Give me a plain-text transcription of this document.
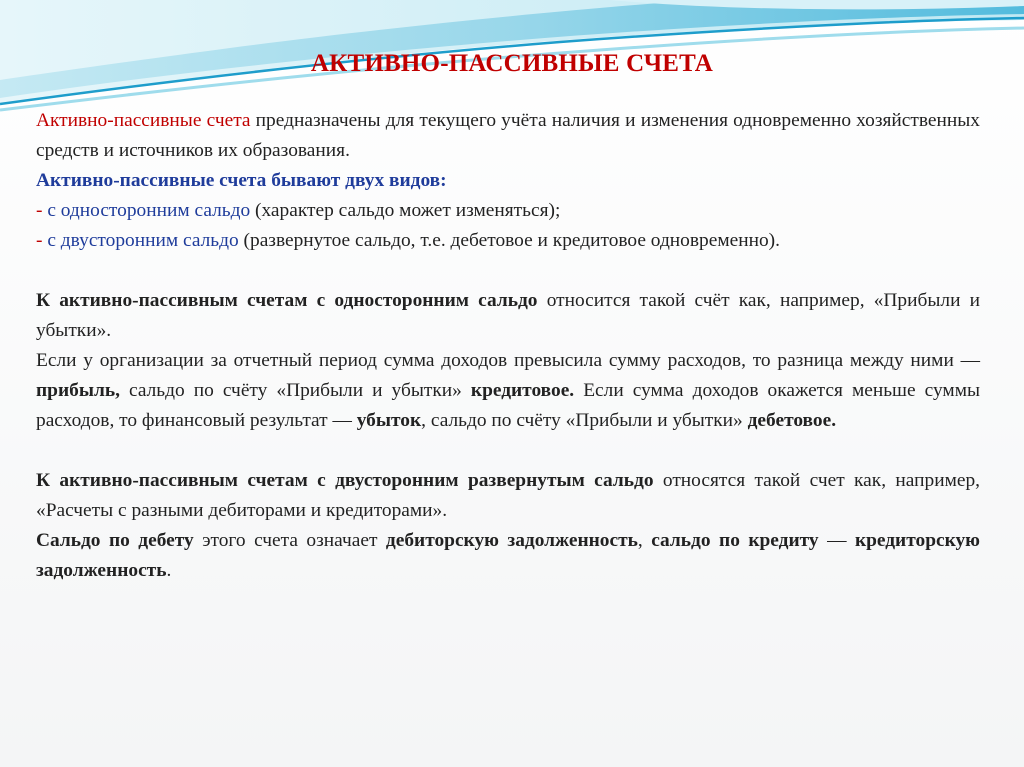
АКТИВНО-ПАССИВНЫЕ СЧЕТА

Активно-пассивные счета предназначены для текущего учёта наличия и изменения одновременно хозяйственных средств и источников их образования.

Активно-пассивные счета бывают двух видов:

- с односторонним сальдо (характер сальдо может изменяться);

- с двусторонним сальдо (развернутое сальдо, т.е. дебетовое и кредитовое одновременно).

К активно-пассивным счетам с односторонним сальдо относится такой счёт как, например, «Прибыли и убытки».

Если у организации за отчетный период сумма доходов превысила сумму расходов, то разница между ними — прибыль, сальдо по счёту «Прибыли и убытки» кредитовое. Если сумма доходов окажется меньше суммы расходов, то финансовый результат — убыток, сальдо по счёту «Прибыли и убытки» дебетовое.

К активно-пассивным счетам с двусторонним развернутым сальдо относятся такой счет как, например, «Расчеты с разными дебиторами и кредиторами».

Сальдо по дебету этого счета означает дебиторскую задолженность, сальдо по кредиту — кредиторскую задолженность.
